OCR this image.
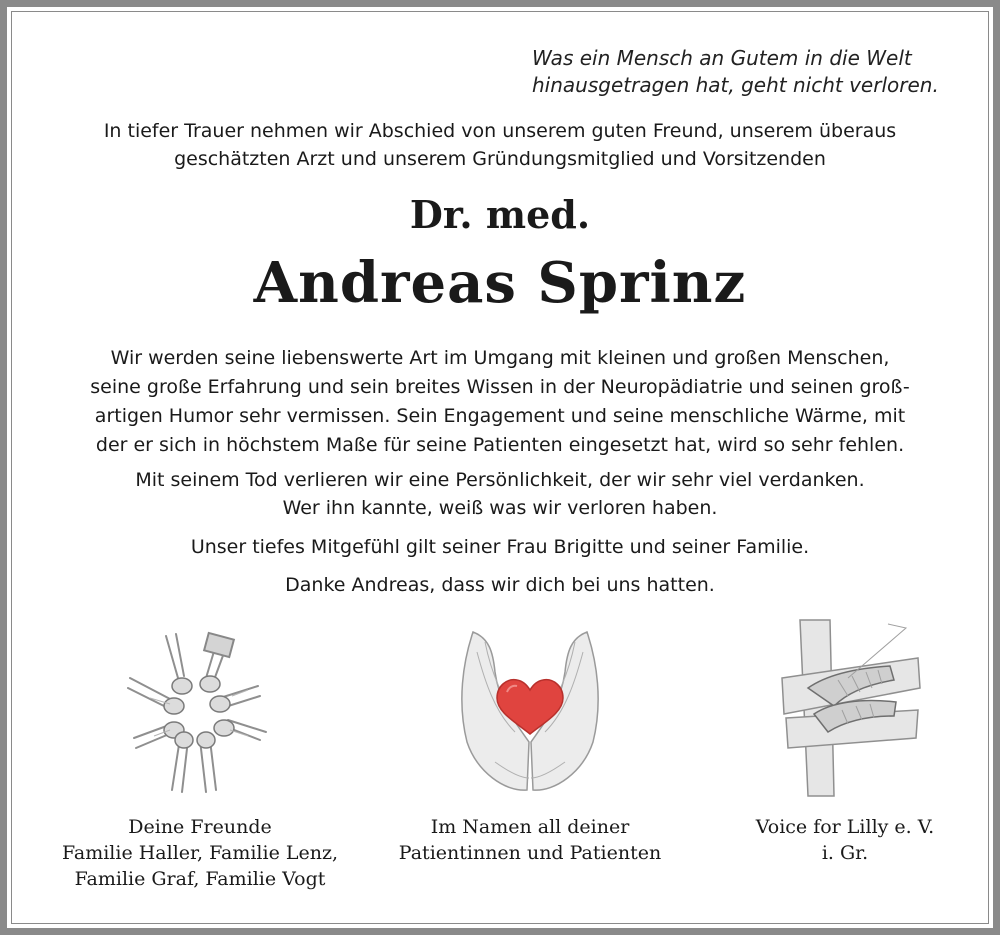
Was ein Mensch an Gutem in die Welt
hinausgetragen hat, geht nicht verloren.
In tiefer Trauer nehmen wir Abschied von unserem guten Freund, unserem überaus
geschätzten Arzt und unserem Gründungsmitglied und Vorsitzenden
Dr. med.
Andreas Sprinz
Wir werden seine liebenswerte Art im Umgang mit kleinen und großen Menschen,
seine große Erfahrung und sein breites Wissen in der Neuropädiatrie und seinen groß-
artigen Humor sehr vermissen. Sein Engagement und seine menschliche Wärme, mit
der er sich in höchstem Maße für seine Patienten eingesetzt hat, wird so sehr fehlen.
Mit seinem Tod verlieren wir eine Persönlichkeit, der wir sehr viel verdanken.
Wer ihn kannte, weiß was wir verloren haben.
Unser tiefes Mitgefühl gilt seiner Frau Brigitte und seiner Familie.
Danke Andreas, dass wir dich bei uns hatten.
Deine Freunde
Familie Haller, Familie Lenz,
Familie Graf, Familie Vogt
Im Namen all deiner
Patientinnen und Patienten
Voice for Lilly e. V.
i. Gr.
